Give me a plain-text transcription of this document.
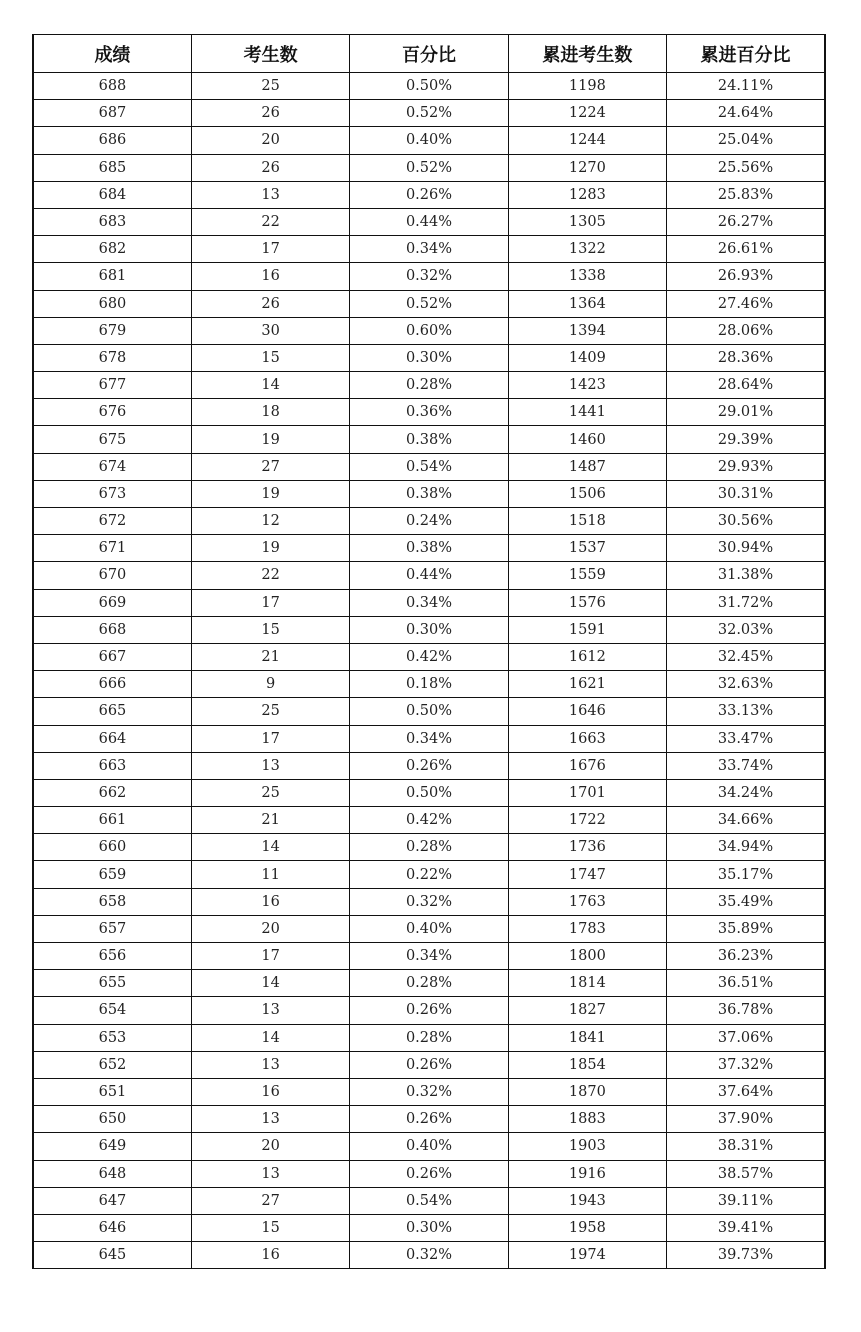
成绩	考生数	百分比	累进考生数	累进百分比
688	25	0.50%	1198	24.11%
687	26	0.52%	1224	24.64%
686	20	0.40%	1244	25.04%
685	26	0.52%	1270	25.56%
684	13	0.26%	1283	25.83%
683	22	0.44%	1305	26.27%
682	17	0.34%	1322	26.61%
681	16	0.32%	1338	26.93%
680	26	0.52%	1364	27.46%
679	30	0.60%	1394	28.06%
678	15	0.30%	1409	28.36%
677	14	0.28%	1423	28.64%
676	18	0.36%	1441	29.01%
675	19	0.38%	1460	29.39%
674	27	0.54%	1487	29.93%
673	19	0.38%	1506	30.31%
672	12	0.24%	1518	30.56%
671	19	0.38%	1537	30.94%
670	22	0.44%	1559	31.38%
669	17	0.34%	1576	31.72%
668	15	0.30%	1591	32.03%
667	21	0.42%	1612	32.45%
666	9	0.18%	1621	32.63%
665	25	0.50%	1646	33.13%
664	17	0.34%	1663	33.47%
663	13	0.26%	1676	33.74%
662	25	0.50%	1701	34.24%
661	21	0.42%	1722	34.66%
660	14	0.28%	1736	34.94%
659	11	0.22%	1747	35.17%
658	16	0.32%	1763	35.49%
657	20	0.40%	1783	35.89%
656	17	0.34%	1800	36.23%
655	14	0.28%	1814	36.51%
654	13	0.26%	1827	36.78%
653	14	0.28%	1841	37.06%
652	13	0.26%	1854	37.32%
651	16	0.32%	1870	37.64%
650	13	0.26%	1883	37.90%
649	20	0.40%	1903	38.31%
648	13	0.26%	1916	38.57%
647	27	0.54%	1943	39.11%
646	15	0.30%	1958	39.41%
645	16	0.32%	1974	39.73%
